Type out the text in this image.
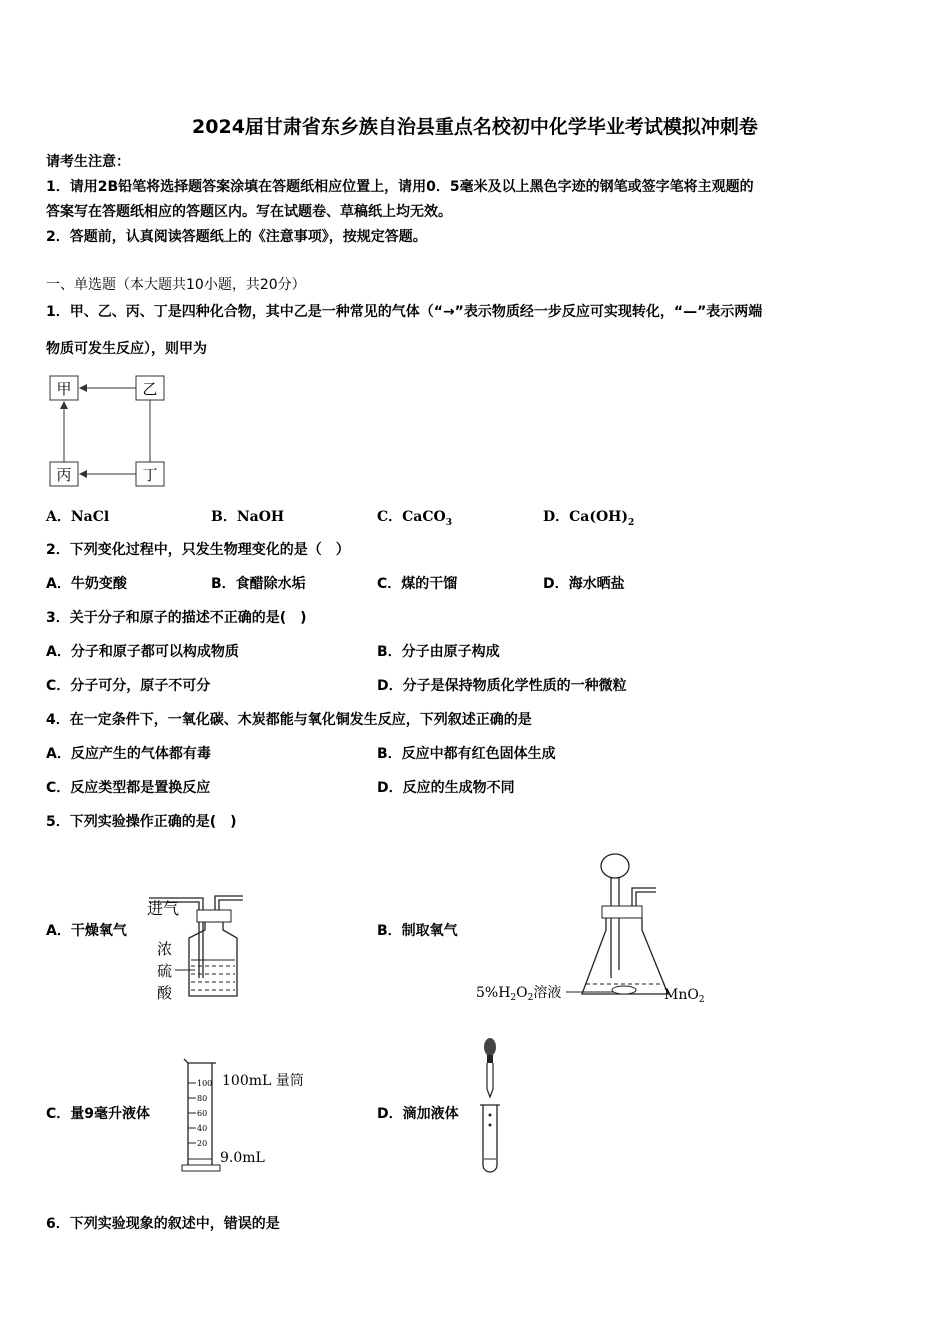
2024届甘肃省东乡族自治县重点名校初中化学毕业考试模拟冲刺卷
请考生注意：
1．请用2B铅笔将选择题答案涂填在答题纸相应位置上，请用0．5毫米及以上黑色字迹的钢笔或签字笔将主观题的
答案写在答题纸相应的答题区内。写在试题卷、草稿纸上均无效。
2．答题前，认真阅读答题纸上的《注意事项》，按规定答题。
一、单选题（本大题共10小题，共20分）
1．甲、乙、丙、丁是四种化合物，其中乙是一种常见的气体（“→”表示物质经一步反应可实现转化，“—”表示两端
物质可发生反应），则甲为
甲	乙
丙	丁
A．NaCl	B．NaOH	C．CaCO$_3$	D．$Ca(OH)_2$
2．下列变化过程中，只发生物理变化的是（　）
A．牛奶变酸	B．食醋除水垢	C．煤的干馏	D．海水晒盐
3．关于分子和原子的描述不正确的是(　)
A．分子和原子都可以构成物质	B．分子由原子构成
C．分子可分，原子不可分	D．分子是保持物质化学性质的一种微粒
4．在一定条件下，一氧化碳、木炭都能与氧化铜发生反应，下列叙述正确的是
A．反应产生的气体都有毒	B．反应中都有红色固体生成
C．反应类型都是置换反应	D．反应的生成物不同
5．下列实验操作正确的是(　)
A．干燥氧气	B．制取氧气
C．量9毫升液体	D．滴加液体
进气
浓
硫
酸	$5\%H_2O_2$溶液	MnO$_2$
100
80
60
40
20
100mL 量筒
9.0mL
6．下列实验现象的叙述中，错误的是
